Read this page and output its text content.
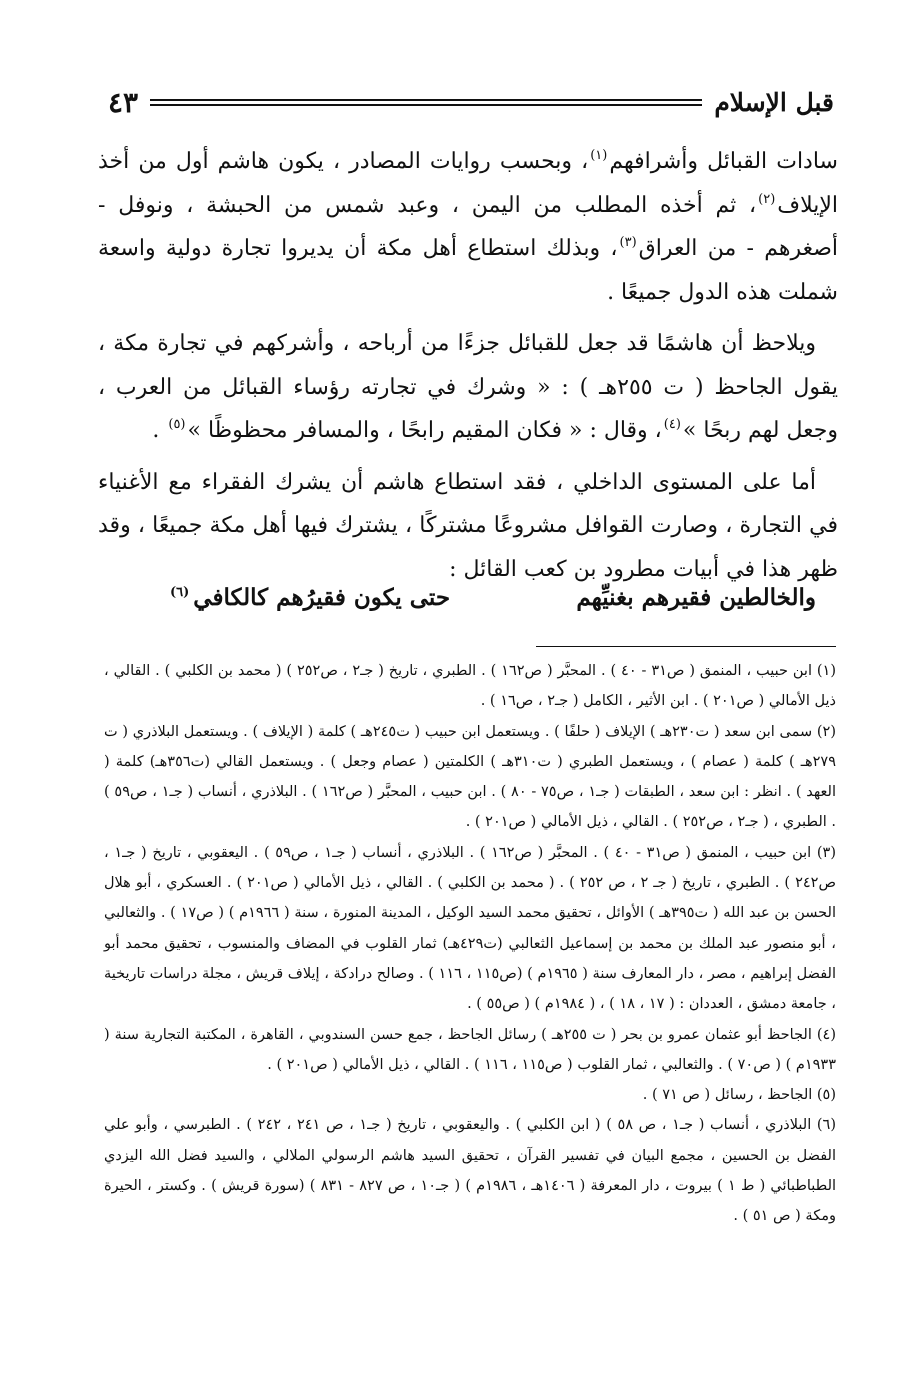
قبل الإسلام
٤٣

سادات القبائل وأشرافهم$^{(١)}$، وبحسب روايات المصادر ، يكون هاشم أول من أخذ الإيلاف$^{(٢)}$، ثم أخذه المطلب من اليمن ، وعبد شمس من الحبشة ، ونوفل - أصغرهم - من العراق$^{(٣)}$، وبذلك استطاع أهل مكة أن يديروا تجارة دولية واسعة شملت هذه الدول جميعًا .

ويلاحظ أن هاشمًا قد جعل للقبائل جزءًا من أرباحه ، وأشركهم في تجارة مكة ، يقول الجاحظ ( ت ٢٥٥هـ ) : « وشرك في تجارته رؤساء القبائل من العرب ، وجعل لهم ربحًا »$^{(٤)}$، وقال : « فكان المقيم رابحًا ، والمسافر محظوظًا »$^{(٥)}$ .

أما على المستوى الداخلي ، فقد استطاع هاشم أن يشرك الفقراء مع الأغنياء في التجارة ، وصارت القوافل مشروعًا مشتركًا ، يشترك فيها أهل مكة جميعًا ، وقد ظهر هذا في أبيات مطرود بن كعب القائل :

والخالطين فقيرهم بغنيِّهم
حتى يكون فقيرُهم كالكافي$^{(٦)}$

(١) ابن حبيب ، المنمق ( ص٣١ - ٤٠ ) . المحبَّر ( ص١٦٢ ) . الطبري ، تاريخ ( جـ٢ ، ص٢٥٢ ) ( محمد بن الكلبي ) . القالي ، ذيل الأمالي ( ص٢٠١ ) . ابن الأثير ، الكامل ( جـ٢ ، ص١٦ ) .

(٢) سمى ابن سعد ( ت٢٣٠هـ ) الإيلاف ( حلفًا ) . ويستعمل ابن حبيب ( ت٢٤٥هـ ) كلمة ( الإيلاف ) . ويستعمل البلاذري ( ت ٢٧٩هـ ) كلمة ( عصام ) ، ويستعمل الطبري ( ت٣١٠هـ ) الكلمتين ( عصام وجعل ) . ويستعمل القالي (ت٣٥٦هـ) كلمة ( العهد ) . انظر : ابن سعد ، الطبقات ( جـ١ ، ص٧٥ - ٨٠ ) . ابن حبيب ، المحبَّر ( ص١٦٢ ) . البلاذري ، أنساب ( جـ١ ، ص٥٩ ) . الطبري ، ( جـ٢ ، ص٢٥٢ ) . القالي ، ذيل الأمالي ( ص٢٠١ ) .

(٣) ابن حبيب ، المنمق ( ص٣١ - ٤٠ ) . المحبَّر ( ص١٦٢ ) . البلاذري ، أنساب ( جـ١ ، ص٥٩ ) . اليعقوبي ، تاريخ ( جـ١ ، ص٢٤٢ ) . الطبري ، تاريخ ( جـ ٢ ، ص ٢٥٢ ) . ( محمد بن الكلبي ) . القالي ، ذيل الأمالي ( ص٢٠١ ) . العسكري ، أبو هلال الحسن بن عبد الله ( ت٣٩٥هـ ) الأوائل ، تحقيق محمد السيد الوكيل ، المدينة المنورة ، سنة ( ١٩٦٦م ) ( ص١٧ ) . والثعالبي ، أبو منصور عبد الملك بن محمد بن إسماعيل الثعالبي (ت٤٢٩هـ) ثمار القلوب في المضاف والمنسوب ، تحقيق محمد أبو الفضل إبراهيم ، مصر ، دار المعارف سنة ( ١٩٦٥م ) (ص١١٥ ، ١١٦ ) . وصالح درادكة ، إيلاف قريش ، مجلة دراسات تاريخية ، جامعة دمشق ، العددان : ( ١٧ ، ١٨ ) ، ( ١٩٨٤م ) ( ص٥٥ ) .

(٤) الجاحظ أبو عثمان عمرو بن بحر ( ت ٢٥٥هـ ) رسائل الجاحظ ، جمع حسن السندوبي ، القاهرة ، المكتبة التجارية سنة ( ١٩٣٣م ) ( ص٧٠ ) . والثعالبي ، ثمار القلوب ( ص١١٥ ، ١١٦ ) . القالي ، ذيل الأمالي ( ص٢٠١ ) .

(٥) الجاحظ ، رسائل ( ص ٧١ ) .

(٦) البلاذري ، أنساب ( جـ١ ، ص ٥٨ ) ( ابن الكلبي ) . واليعقوبي ، تاريخ ( جـ١ ، ص ٢٤١ ، ٢٤٢ ) . الطبرسي ، وأبو علي الفضل بن الحسين ، مجمع البيان في تفسير القرآن ، تحقيق السيد هاشم الرسولي الملالي ، والسيد فضل الله اليزدي الطباطبائي ( ط ١ ) بيروت ، دار المعرفة ( ١٤٠٦هـ ، ١٩٨٦م ) ( جـ١٠ ، ص ٨٢٧ - ٨٣١ ) (سورة قريش ) . وكستر ، الحيرة ومكة ( ص ٥١ ) .
